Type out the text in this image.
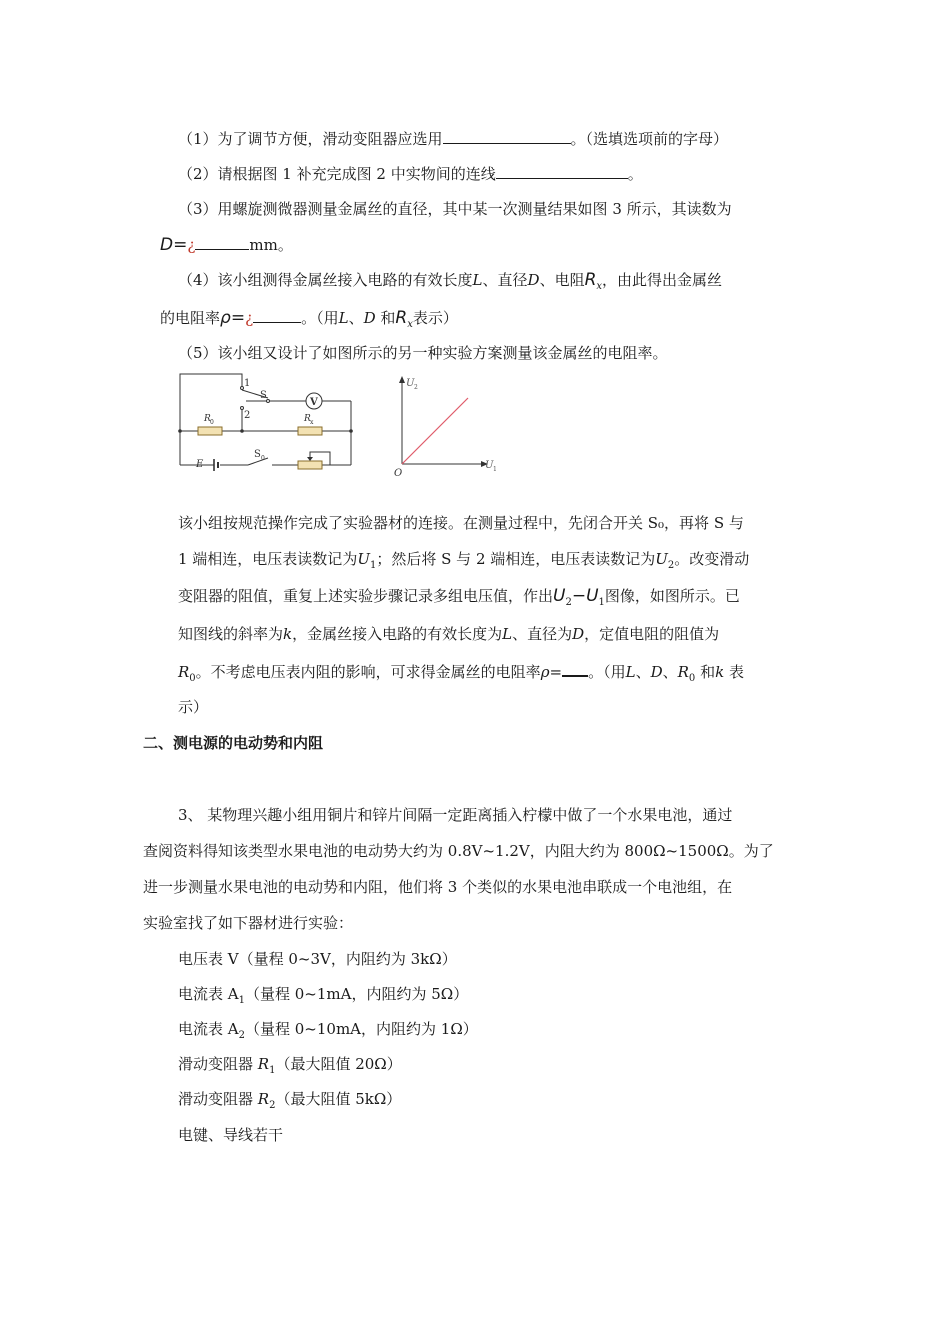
（1）为了调节方便，滑动变阻器应选用	。（选填选项前的字母）
（2）请根据图 1 补充完成图 2 中实物间的连线	。
（3）用螺旋测微器测量金属丝的直径，其中某一次测量结果如图 3 所示，其读数为
D=¿	mm。
（4）该小组测得金属丝接入电路的有效长度L、直径D、电阻$R_x$，由此得出金属丝
的电阻率ρ=¿	。（用L、D 和$R_x$表示）
（5）该小组又设计了如图所示的另一种实验方案测量该金属丝的电阻率。
1
2
S
V
R 0	R x
E
S 0
U 2
U 1
O
该小组按规范操作完成了实验器材的连接。在测量过程中，先闭合开关 S₀，再将 S 与
1 端相连，电压表读数记为$U_1$；然后将 S 与 2 端相连，电压表读数记为$U_2$。改变滑动
变阻器的阻值，重复上述实验步骤记录多组电压值，作出$U_2-U_1$图像，如图所示。已
知图线的斜率为k，金属丝接入电路的有效长度为L、直径为D，定值电阻的阻值为
$R_0$。不考虑电压表内阻的影响，可求得金属丝的电阻率ρ= 。（用L、D、$R_0$ 和k 表
示）
二、测电源的电动势和内阻
3、 某物理兴趣小组用铜片和锌片间隔一定距离插入柠檬中做了一个水果电池，通过
查阅资料得知该类型水果电池的电动势大约为 0.8V~1.2V，内阻大约为 800Ω~1500Ω。为了
进一步测量水果电池的电动势和内阻，他们将 3 个类似的水果电池串联成一个电池组，在
实验室找了如下器材进行实验：
电压表 V（量程 0~3V，内阻约为 3kΩ）
电流表 $A_1$（量程 0~1mA，内阻约为 5Ω）
电流表 $A_2$（量程 0~10mA，内阻约为 1Ω）
滑动变阻器 $R_1$（最大阻值 20Ω）
滑动变阻器 $R_2$（最大阻值 5kΩ）
电键、导线若干
